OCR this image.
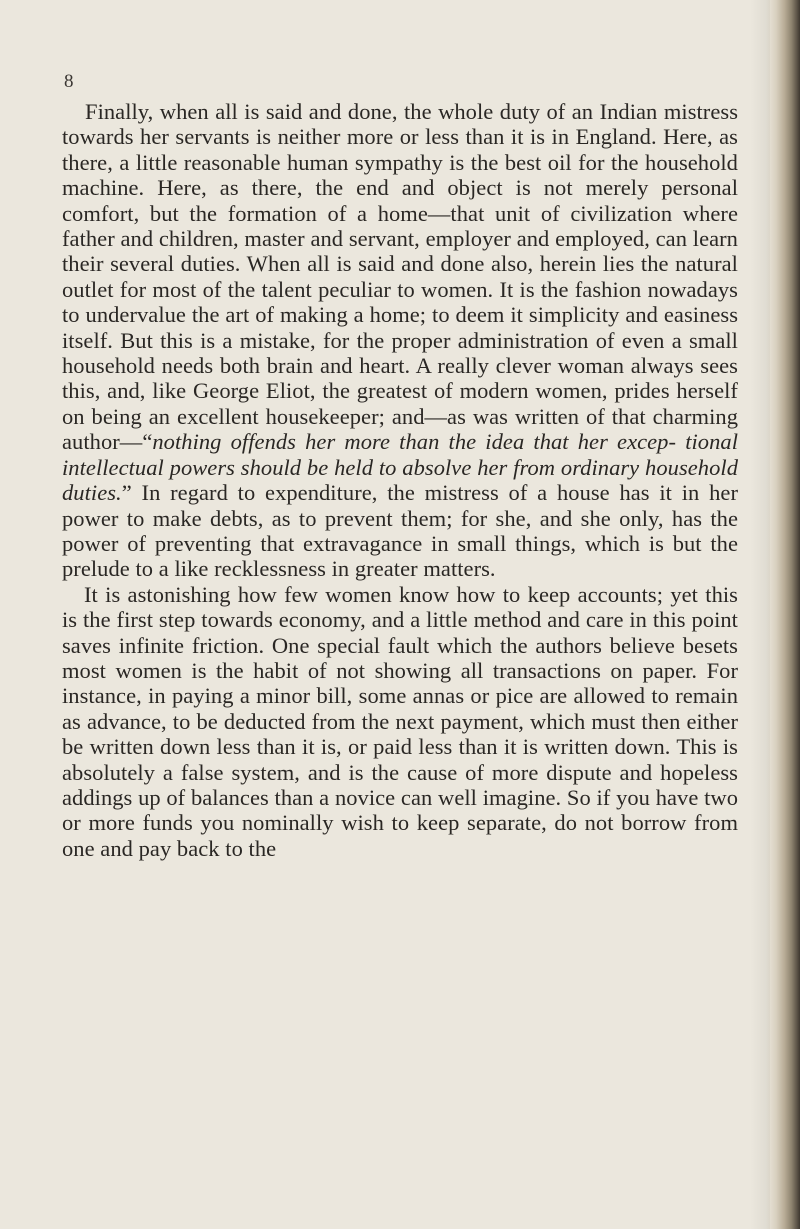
8

Finally, when all is said and done, the whole duty of an Indian mistress towards her servants is neither more or less than it is in England. Here, as there, a little reasonable human sympathy is the best oil for the household machine. Here, as there, the end and object is not merely personal comfort, but the formation of a home—that unit of civilization where father and children, master and servant, employer and employed, can learn their several duties. When all is said and done also, herein lies the natural outlet for most of the talent peculiar to women. It is the fashion nowadays to undervalue the art of making a home; to deem it simplicity and easiness itself. But this is a mistake, for the proper administration of even a small household needs both brain and heart. A really clever woman always sees this, and, like George Eliot, the greatest of modern women, prides herself on being an excellent housekeeper; and—as was written of that charming author—“nothing offends her more than the idea that her excep- tional intellectual powers should be held to absolve her from ordinary household duties.” In regard to expenditure, the mistress of a house has it in her power to make debts, as to prevent them; for she, and she only, has the power of preventing that extravagance in small things, which is but the prelude to a like recklessness in greater matters.

It is astonishing how few women know how to keep accounts; yet this is the first step towards economy, and a little method and care in this point saves infinite friction. One special fault which the authors believe besets most women is the habit of not showing all transactions on paper. For instance, in paying a minor bill, some annas or pice are allowed to remain as advance, to be deducted from the next payment, which must then either be written down less than it is, or paid less than it is written down. This is absolutely a false system, and is the cause of more dispute and hopeless addings up of balances than a novice can well imagine. So if you have two or more funds you nominally wish to keep separate, do not borrow from one and pay back to the
